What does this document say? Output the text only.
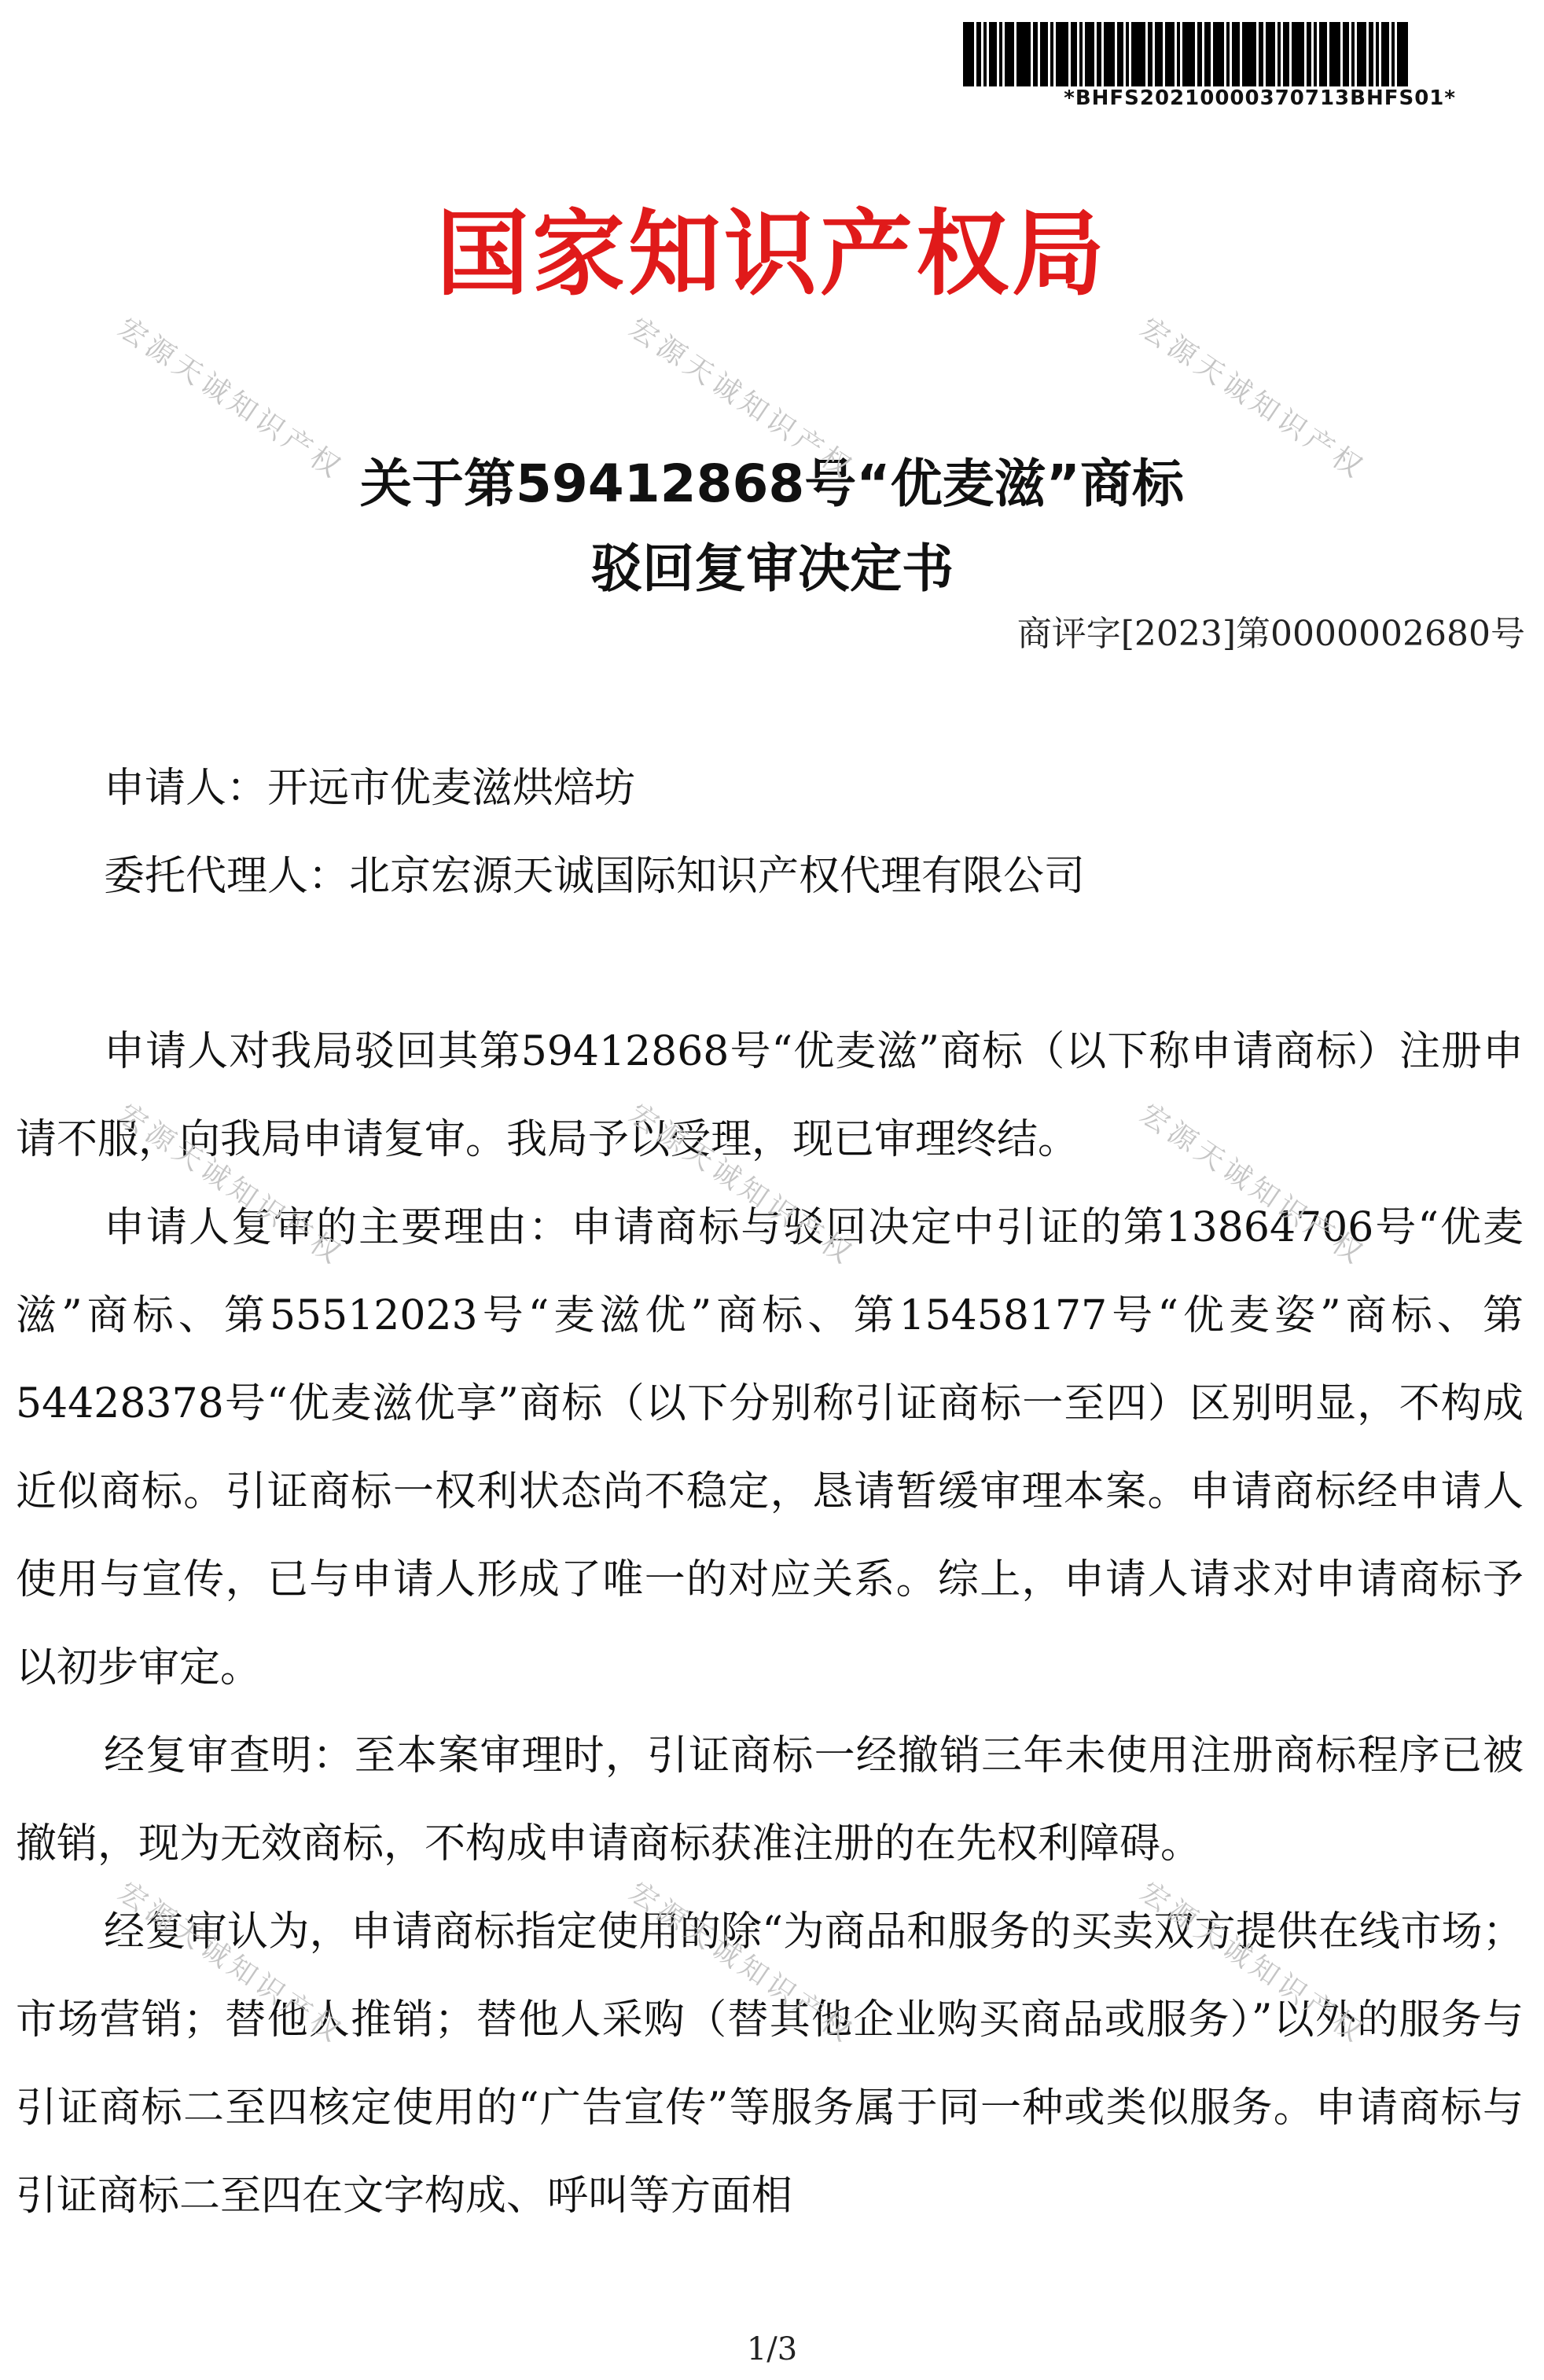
*BHFS20210000370713BHFS01*
国家知识产权局
关于第59412868号“优麦滋”商标
驳回复审决定书
商评字[2023]第0000002680号
申请人：开远市优麦滋烘焙坊
委托代理人：北京宏源天诚国际知识产权代理有限公司

申请人对我局驳回其第59412868号“优麦滋”商标（以下称申请商标）注册申请不服，向我局申请复审。我局予以受理，现已审理终结。

申请人复审的主要理由：申请商标与驳回决定中引证的第13864706号“优麦滋”商标、第55512023号“麦滋优”商标、第15458177号“优麦姿”商标、第54428378号“优麦滋优享”商标（以下分别称引证商标一至四）区别明显，不构成近似商标。引证商标一权利状态尚不稳定，恳请暂缓审理本案。申请商标经申请人使用与宣传，已与申请人形成了唯一的对应关系。综上，申请人请求对申请商标予以初步审定。

经复审查明：至本案审理时，引证商标一经撤销三年未使用注册商标程序已被撤销，现为无效商标，不构成申请商标获准注册的在先权利障碍。

经复审认为，申请商标指定使用的除“为商品和服务的买卖双方提供在线市场；市场营销；替他人推销；替他人采购（替其他企业购买商品或服务）”以外的服务与引证商标二至四核定使用的“广告宣传”等服务属于同一种或类似服务。申请商标与引证商标二至四在文字构成、呼叫等方面相

1/3
宏源天诚知识产权	宏源天诚知识产权	宏源天诚知识产权
宏源天诚知识产权	宏源天诚知识产权	宏源天诚知识产权
宏源天诚知识产权	宏源天诚知识产权	宏源天诚知识产权
